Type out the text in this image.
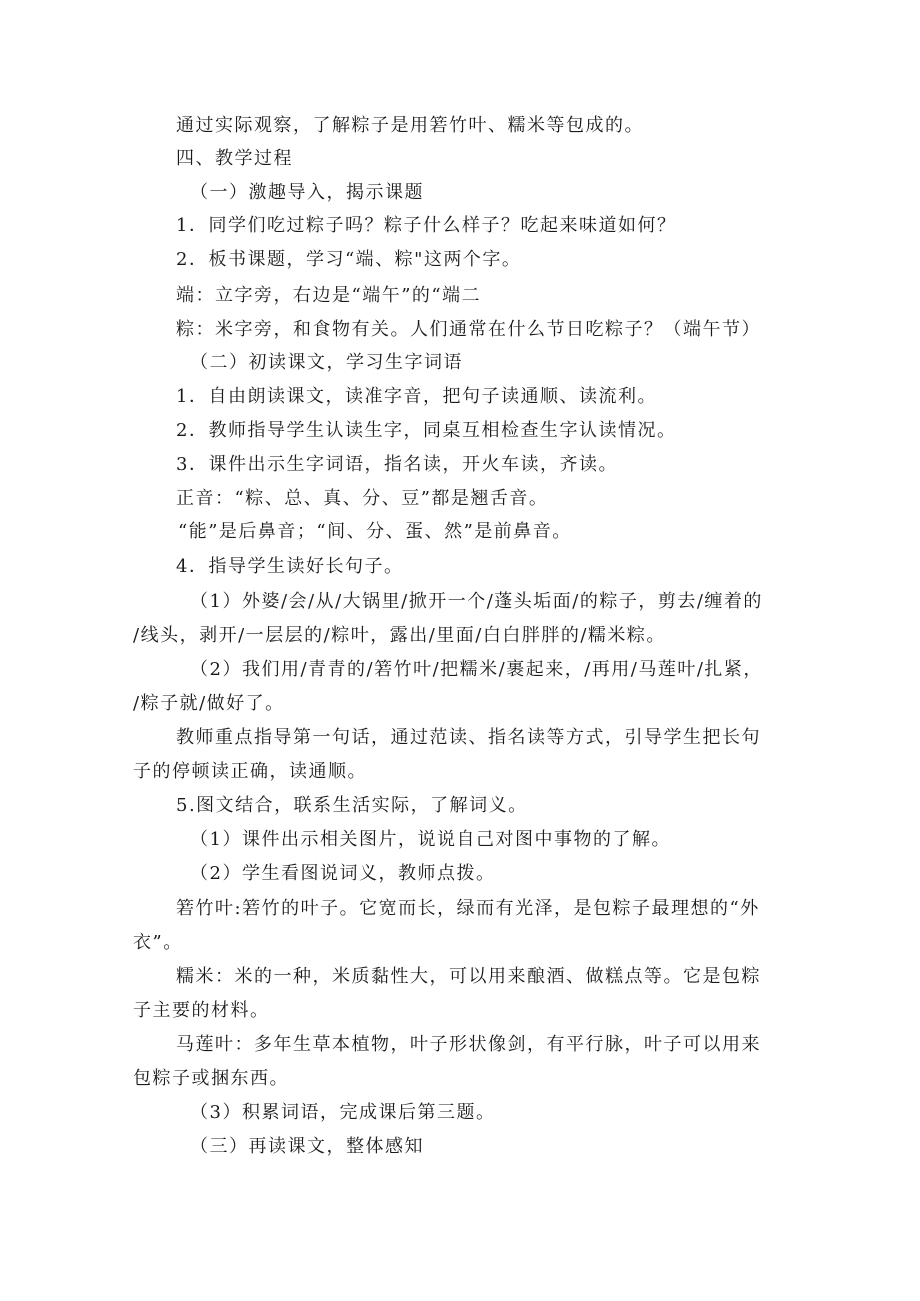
通过实际观察，了解粽子是用箬竹叶、糯米等包成的。
四、教学过程
（一）激趣导入，揭示课题
1．同学们吃过粽子吗？粽子什么样子？吃起来味道如何？
2．板书课题，学习“端、粽"这两个字。
端：立字旁，右边是“端午”的“端二
粽：米字旁，和食物有关。人们通常在什么节日吃粽子？（端午节）
（二）初读课文，学习生字词语
1．自由朗读课文，读准字音，把句子读通顺、读流利。
2．教师指导学生认读生字，同桌互相检查生字认读情况。
3．课件出示生字词语，指名读，开火车读，齐读。
正音：“粽、总、真、分、豆”都是翘舌音。
“能”是后鼻音；“间、分、蛋、然”是前鼻音。
4．指导学生读好长句子。
（1）外婆/会/从/大锅里/掀开一个/蓬头垢面/的粽子，剪去/缠着的
/线头，剥开/一层层的/粽叶，露出/里面/白白胖胖的/糯米粽。
（2）我们用/青青的/箬竹叶/把糯米/裹起来，/再用/马莲叶/扎紧，
/粽子就/做好了。
教师重点指导第一句话，通过范读、指名读等方式，引导学生把长句
子的停顿读正确，读通顺。
5.图文结合，联系生活实际，了解词义。
（1）课件出示相关图片，说说自己对图中事物的了解。
（2）学生看图说词义，教师点拨。
箬竹叶:箬竹的叶子。它宽而长，绿而有光泽，是包粽子最理想的“外
衣”。
糯米：米的一种，米质黏性大，可以用来酿酒、做糕点等。它是包粽
子主要的材料。
马莲叶：多年生草本植物，叶子形状像剑，有平行脉，叶子可以用来
包粽子或捆东西。
（3）积累词语，完成课后第三题。
（三）再读课文，整体感知
